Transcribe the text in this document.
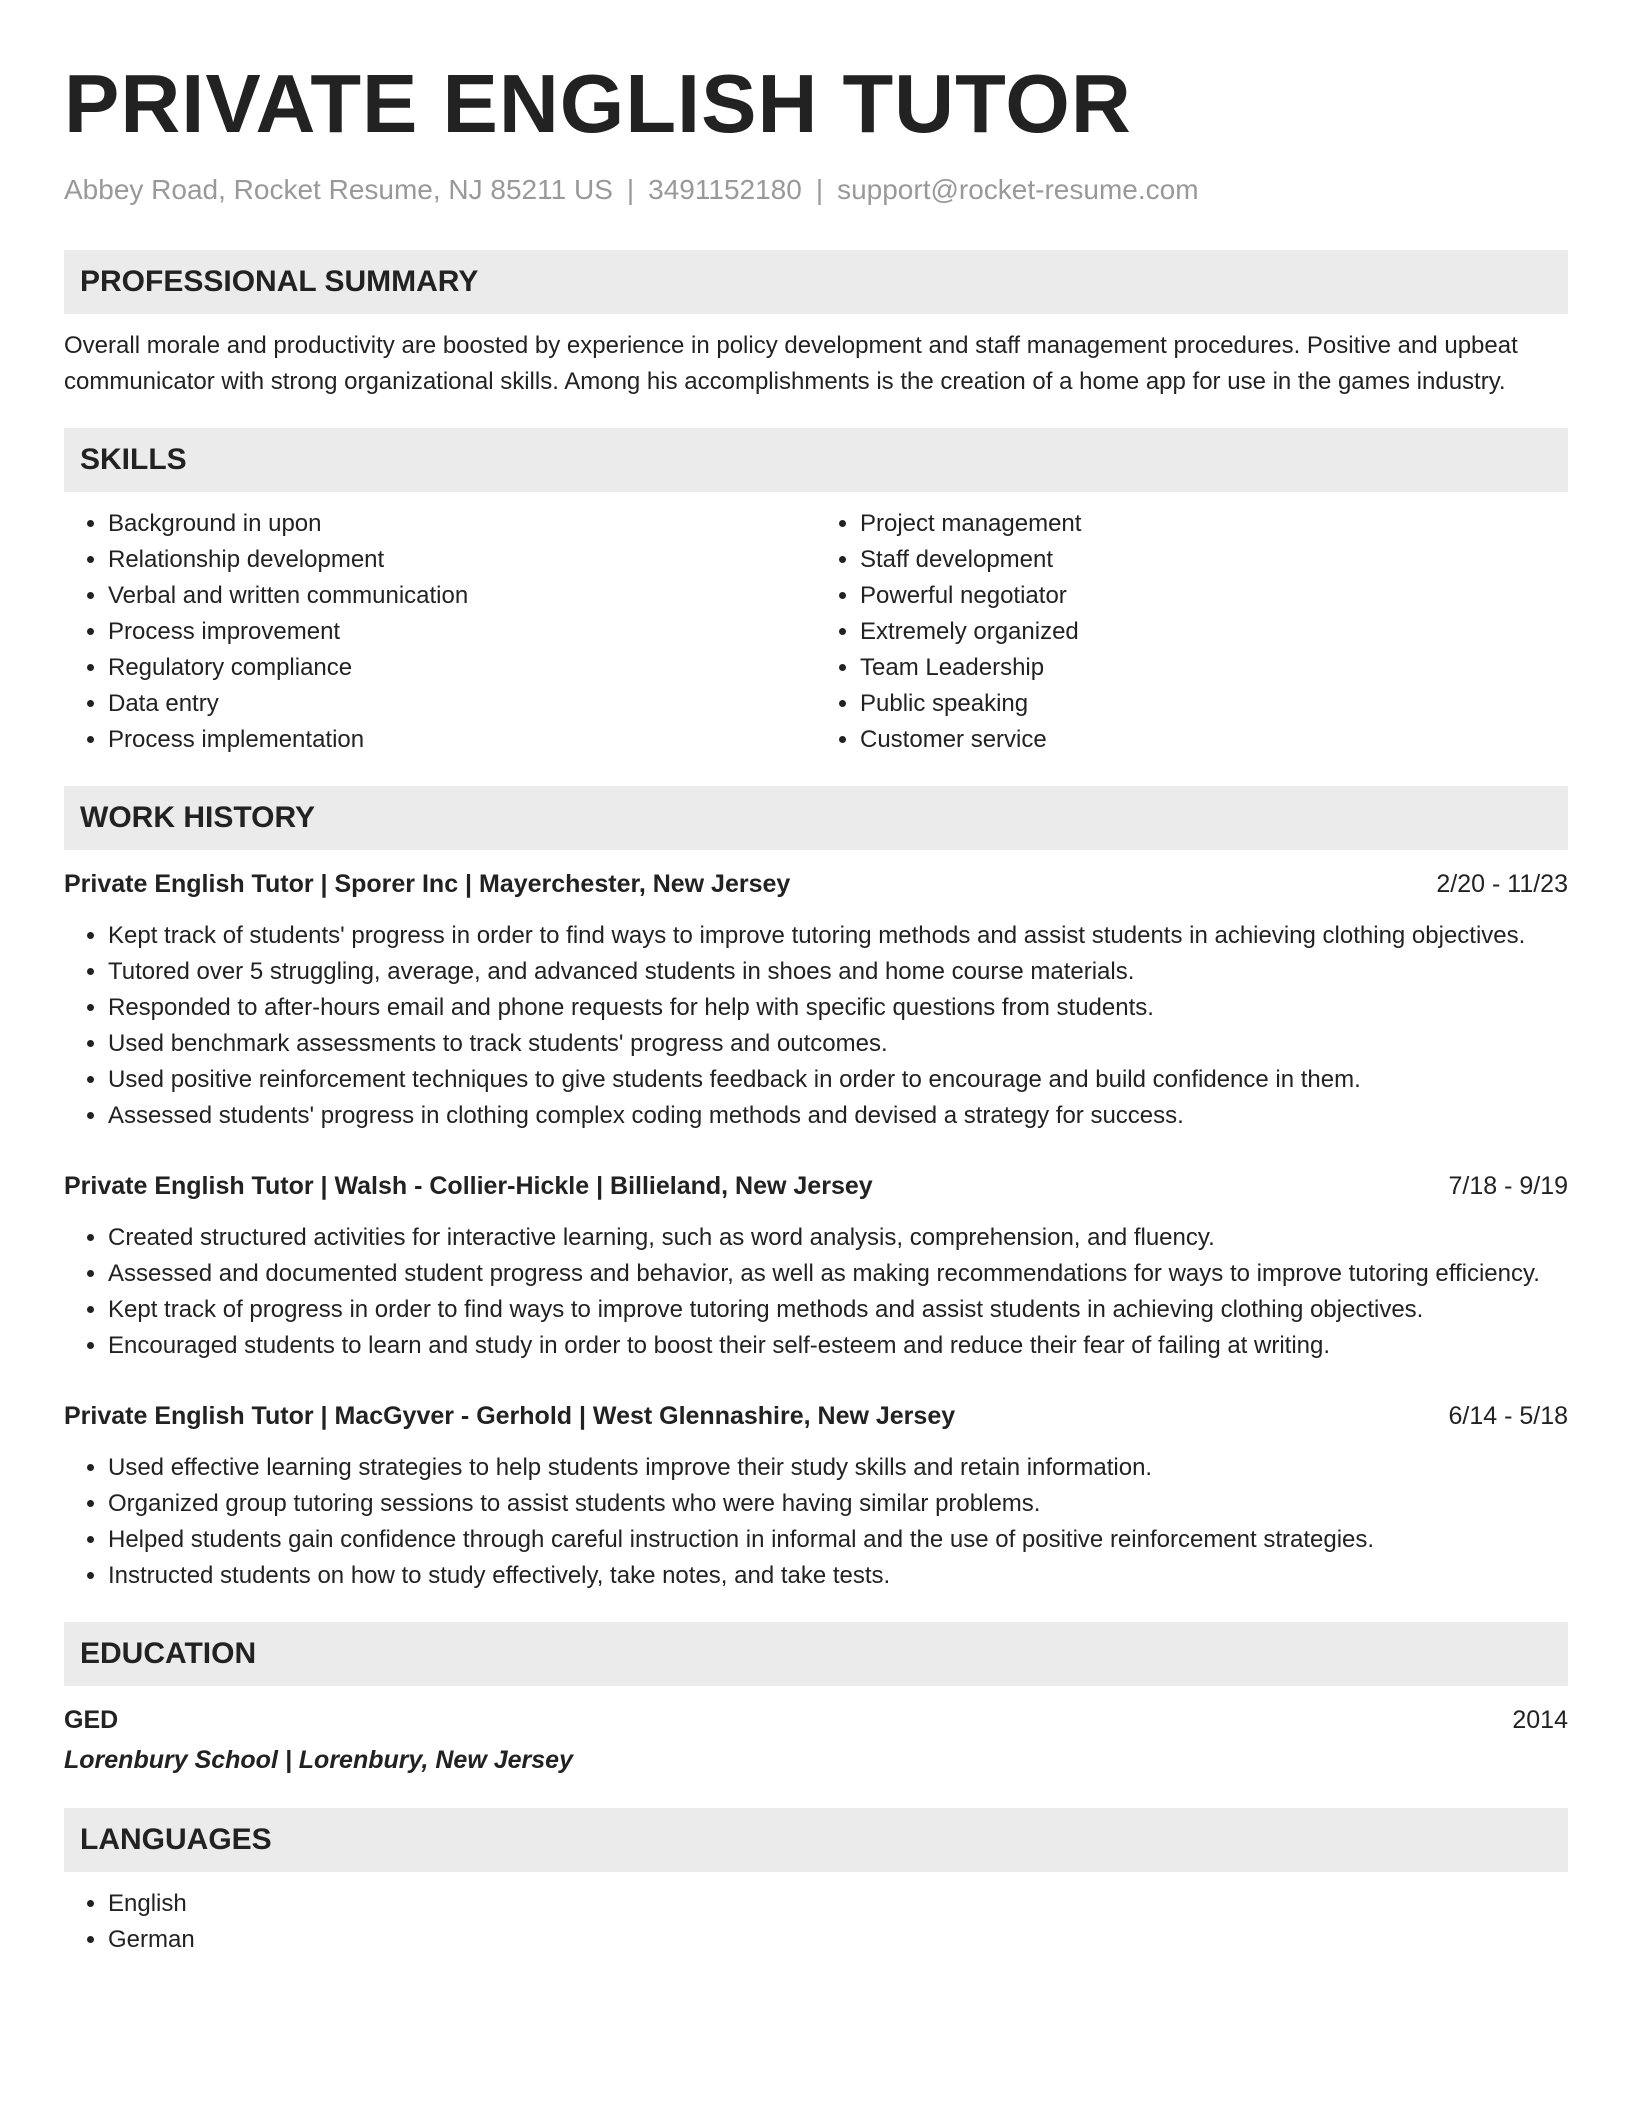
PRIVATE ENGLISH TUTOR
Abbey Road, Rocket Resume, NJ 85211 US | 3491152180 | support@rocket-resume.com
PROFESSIONAL SUMMARY
Overall morale and productivity are boosted by experience in policy development and staff management procedures. Positive and upbeat communicator with strong organizational skills. Among his accomplishments is the creation of a home app for use in the games industry.
SKILLS
• Background in upon
• Relationship development
• Verbal and written communication
• Process improvement
• Regulatory compliance
• Data entry
• Process implementation
• Project management
• Staff development
• Powerful negotiator
• Extremely organized
• Team Leadership
• Public speaking
• Customer service
WORK HISTORY
Private English Tutor | Sporer Inc | Mayerchester, New Jersey	2/20 - 11/23
• Kept track of students' progress in order to find ways to improve tutoring methods and assist students in achieving clothing objectives.
• Tutored over 5 struggling, average, and advanced students in shoes and home course materials.
• Responded to after-hours email and phone requests for help with specific questions from students.
• Used benchmark assessments to track students' progress and outcomes.
• Used positive reinforcement techniques to give students feedback in order to encourage and build confidence in them.
• Assessed students' progress in clothing complex coding methods and devised a strategy for success.
Private English Tutor | Walsh - Collier-Hickle | Billieland, New Jersey	7/18 - 9/19
• Created structured activities for interactive learning, such as word analysis, comprehension, and fluency.
• Assessed and documented student progress and behavior, as well as making recommendations for ways to improve tutoring efficiency.
• Kept track of progress in order to find ways to improve tutoring methods and assist students in achieving clothing objectives.
• Encouraged students to learn and study in order to boost their self-esteem and reduce their fear of failing at writing.
Private English Tutor | MacGyver - Gerhold | West Glennashire, New Jersey	6/14 - 5/18
• Used effective learning strategies to help students improve their study skills and retain information.
• Organized group tutoring sessions to assist students who were having similar problems.
• Helped students gain confidence through careful instruction in informal and the use of positive reinforcement strategies.
• Instructed students on how to study effectively, take notes, and take tests.
EDUCATION
GED	2014
Lorenbury School | Lorenbury, New Jersey
LANGUAGES
• English
• German
